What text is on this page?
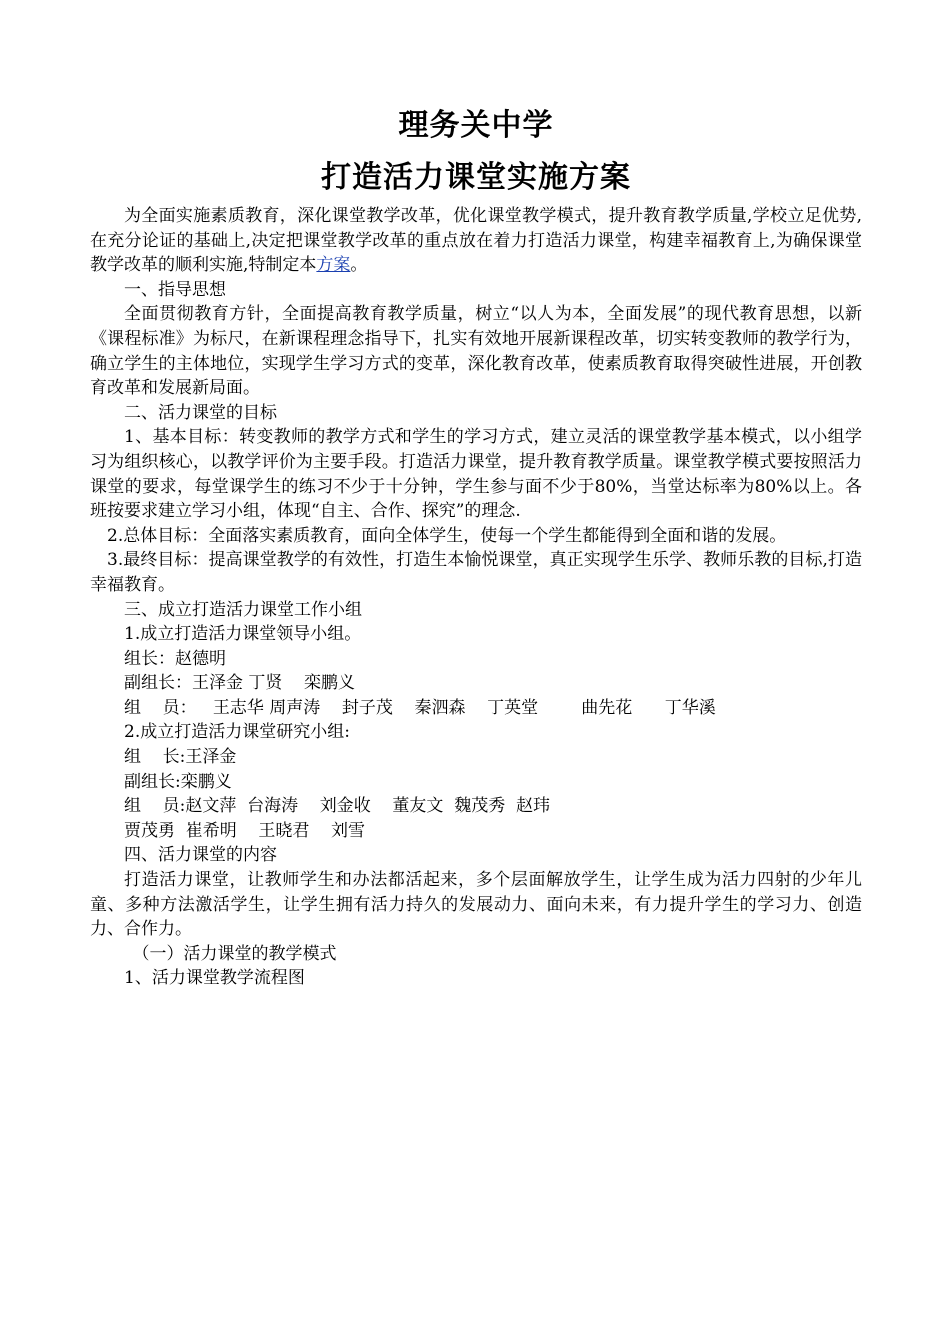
理务关中学
打造活力课堂实施方案

为全面实施素质教育，深化课堂教学改革，优化课堂教学模式，提升教育教学质量,学校立足优势,在充分论证的基础上,决定把课堂教学改革的重点放在着力打造活力课堂，构建幸福教育上,为确保课堂教学改革的顺利实施,特制定本方案。

一、指导思想

全面贯彻教育方针，全面提高教育教学质量，树立“以人为本，全面发展”的现代教育思想，以新《课程标准》为标尺，在新课程理念指导下，扎实有效地开展新课程改革，切实转变教师的教学行为，确立学生的主体地位，实现学生学习方式的变革，深化教育改革，使素质教育取得突破性进展，开创教育改革和发展新局面。

二、活力课堂的目标

1、基本目标：转变教师的教学方式和学生的学习方式，建立灵活的课堂教学基本模式，以小组学习为组织核心，以教学评价为主要手段。打造活力课堂，提升教育教学质量。课堂教学模式要按照活力课堂的要求，每堂课学生的练习不少于十分钟，学生参与面不少于80%，当堂达标率为80%以上。各班按要求建立学习小组，体现“自主、合作、探究”的理念.

2.总体目标：全面落实素质教育，面向全体学生，使每一个学生都能得到全面和谐的发展。

3.最终目标：提高课堂教学的有效性，打造生本愉悦课堂，真正实现学生乐学、教师乐教的目标,打造幸福教育。

三、成立打造活力课堂工作小组

1.成立打造活力课堂领导小组。

组长：赵德明

副组长：王泽金 丁贤    栾鹏义

组    员：   王志华 周声涛    封子茂    秦泗森    丁英堂        曲先花      丁华溪

2.成立打造活力课堂研究小组:

组    长:王泽金

副组长:栾鹏义

组    员:赵文萍  台海涛    刘金收    董友文  魏茂秀  赵玮

贾茂勇  崔希明    王晓君    刘雪

四、活力课堂的内容

打造活力课堂，让教师学生和办法都活起来，多个层面解放学生，让学生成为活力四射的少年儿童、多种方法激活学生，让学生拥有活力持久的发展动力、面向未来，有力提升学生的学习力、创造力、合作力。

（一）活力课堂的教学模式

1、活力课堂教学流程图
